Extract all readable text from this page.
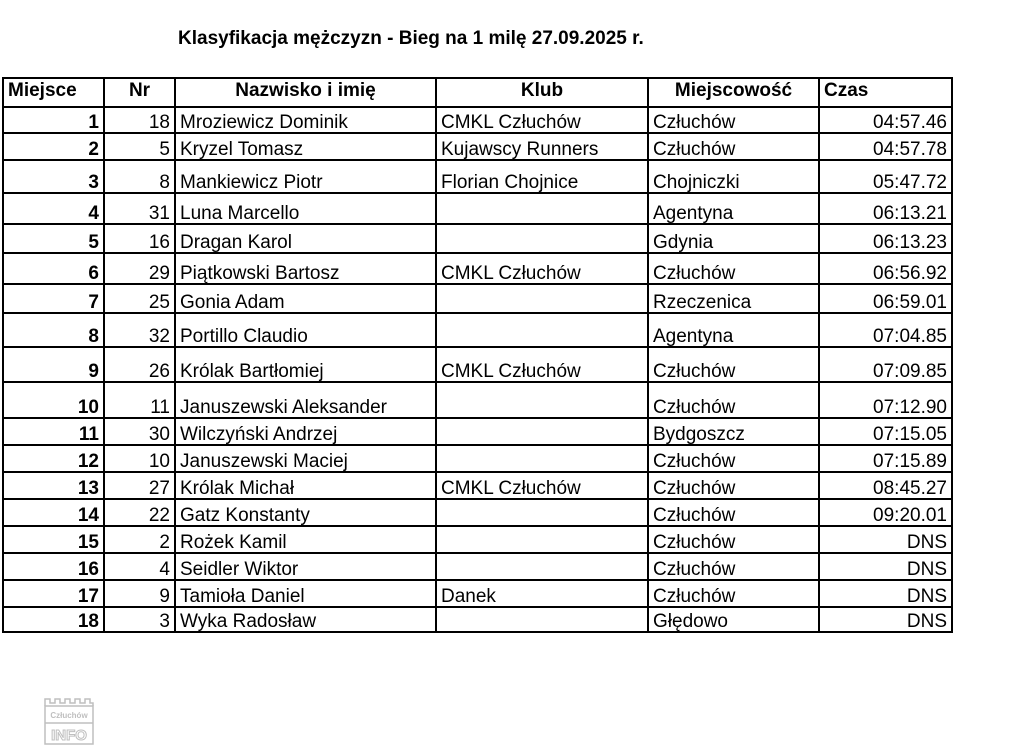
Klasyfikacja mężczyzn - Bieg na 1 milę 27.09.2025 r.
Miejsce	Nr	Nazwisko i imię	Klub	Miejscowość	Czas
1	18	Mroziewicz Dominik	CMKL Człuchów	Człuchów	04:57.46
2	5	Kryzel Tomasz	Kujawscy Runners	Człuchów	04:57.78
3	8	Mankiewicz Piotr	Florian Chojnice	Chojniczki	05:47.72
4	31	Luna Marcello		Agentyna	06:13.21
5	16	Dragan Karol		Gdynia	06:13.23
6	29	Piątkowski Bartosz	CMKL Człuchów	Człuchów	06:56.92
7	25	Gonia Adam		Rzeczenica	06:59.01
8	32	Portillo Claudio		Agentyna	07:04.85
9	26	Królak Bartłomiej	CMKL Człuchów	Człuchów	07:09.85
10	11	Januszewski Aleksander		Człuchów	07:12.90
11	30	Wilczyński Andrzej		Bydgoszcz	07:15.05
12	10	Januszewski Maciej		Człuchów	07:15.89
13	27	Królak Michał	CMKL Człuchów	Człuchów	08:45.27
14	22	Gatz Konstanty		Człuchów	09:20.01
15	2	Rożek Kamil		Człuchów	DNS
16	4	Seidler Wiktor		Człuchów	DNS
17	9	Tamioła Daniel	Danek	Człuchów	DNS
18	3	Wyka Radosław		Głędowo	DNS
Człuchów
INFO
